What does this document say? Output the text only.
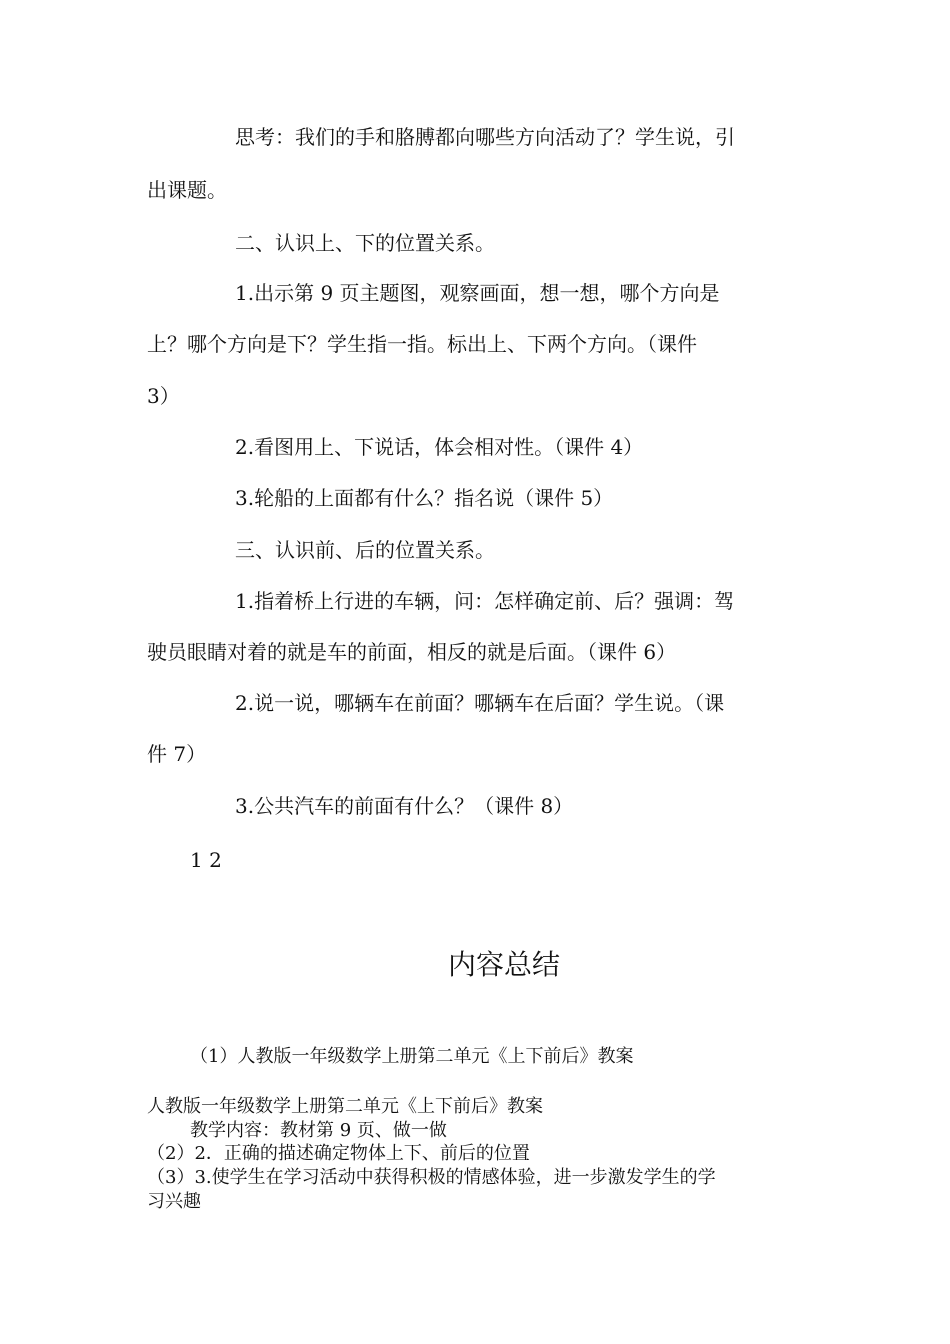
思考：我们的手和胳膊都向哪些方向活动了？学生说，引
出课题。
二、认识上、下的位置关系。
1.出示第 9 页主题图，观察画面，想一想，哪个方向是
上？哪个方向是下？学生指一指。标出上、下两个方向。（课件
3）
2.看图用上、下说话，体会相对性。（课件 4）
3.轮船的上面都有什么？指名说（课件 5）
三、认识前、后的位置关系。
1.指着桥上行进的车辆，问：怎样确定前、后？强调：驾
驶员眼睛对着的就是车的前面，相反的就是后面。（课件 6）
2.说一说，哪辆车在前面？哪辆车在后面？学生说。（课
件 7）
3.公共汽车的前面有什么？（课件 8）
1 2
内容总结
（1）人教版一年级数学上册第二单元《上下前后》教案
人教版一年级数学上册第二单元《上下前后》教案
教学内容：教材第 9 页、做一做
（2）2．正确的描述确定物体上下、前后的位置
（3）3.使学生在学习活动中获得积极的情感体验，进一步激发学生的学
习兴趣
